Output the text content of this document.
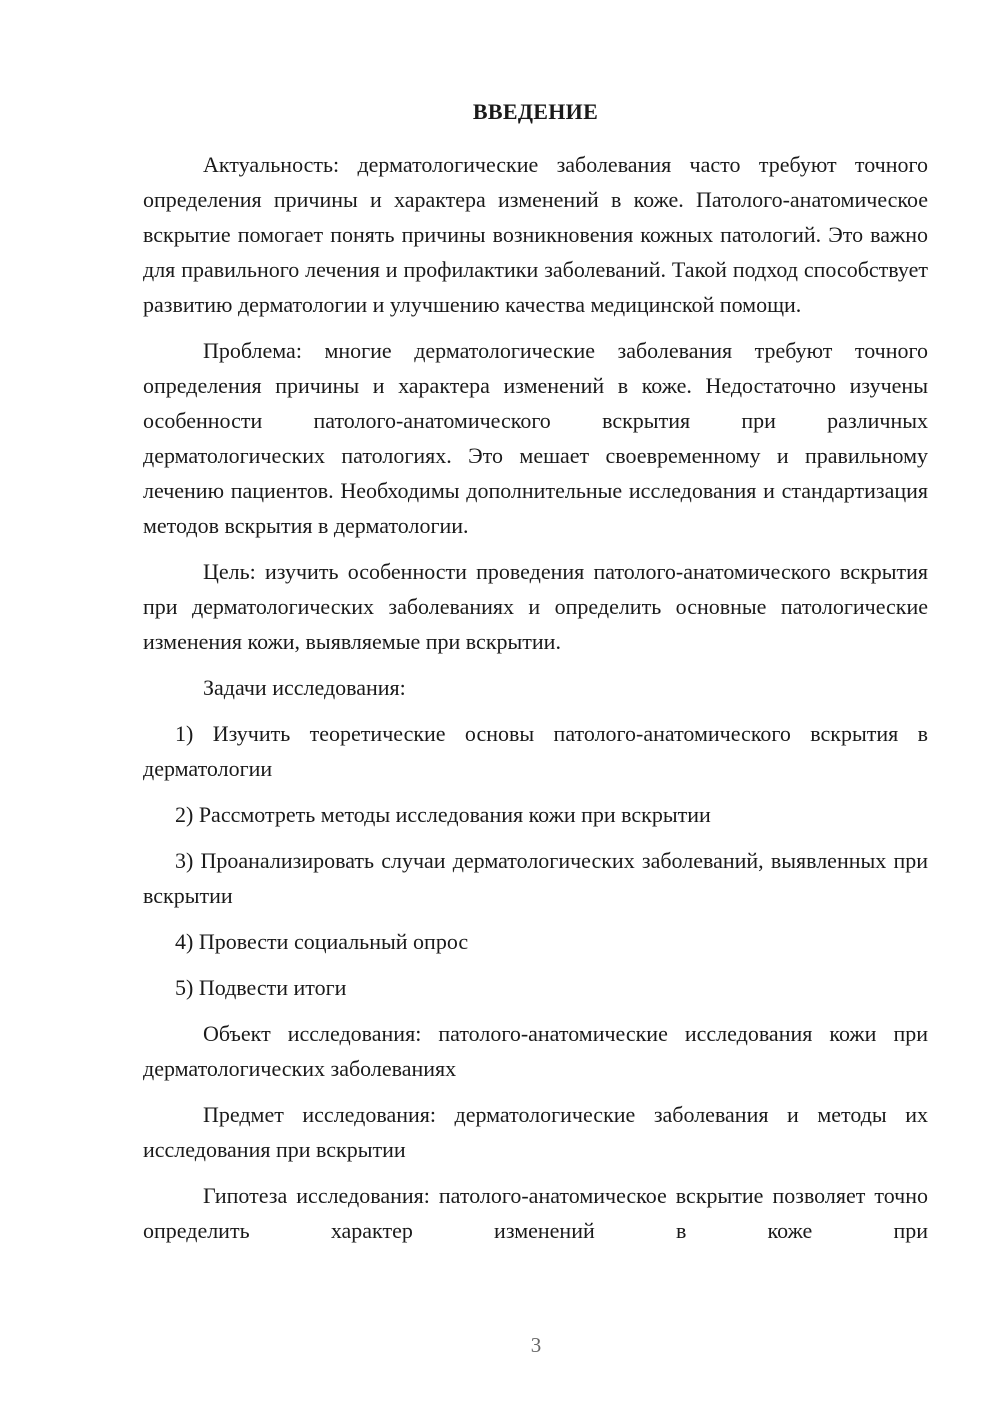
ВВЕДЕНИЕ

Актуальность: дерматологические заболевания часто требуют точного определения причины и характера изменений в коже. Патолого-анатомическое вскрытие помогает понять причины возникновения кожных патологий. Это важно для правильного лечения и профилактики заболеваний. Такой подход способствует развитию дерматологии и улучшению качества медицинской помощи.

Проблема: многие дерматологические заболевания требуют точного определения причины и характера изменений в коже. Недостаточно изучены особенности патолого-анатомического вскрытия при различных дерматологических патологиях. Это мешает своевременному и правильному лечению пациентов. Необходимы дополнительные исследования и стандартизация методов вскрытия в дерматологии.

Цель: изучить особенности проведения патолого-анатомического вскрытия при дерматологических заболеваниях и определить основные патологические изменения кожи, выявляемые при вскрытии.

Задачи исследования:

1) Изучить теоретические основы патолого-анатомического вскрытия в дерматологии

2) Рассмотреть методы исследования кожи при вскрытии

3) Проанализировать случаи дерматологических заболеваний, выявленных при вскрытии

4) Провести социальный опрос

5) Подвести итоги

Объект исследования: патолого-анатомические исследования кожи при дерматологических заболеваниях

Предмет исследования: дерматологические заболевания и методы их исследования при вскрытии

Гипотеза исследования: патолого-анатомическое вскрытие позволяет точно определить характер изменений в коже при

3
